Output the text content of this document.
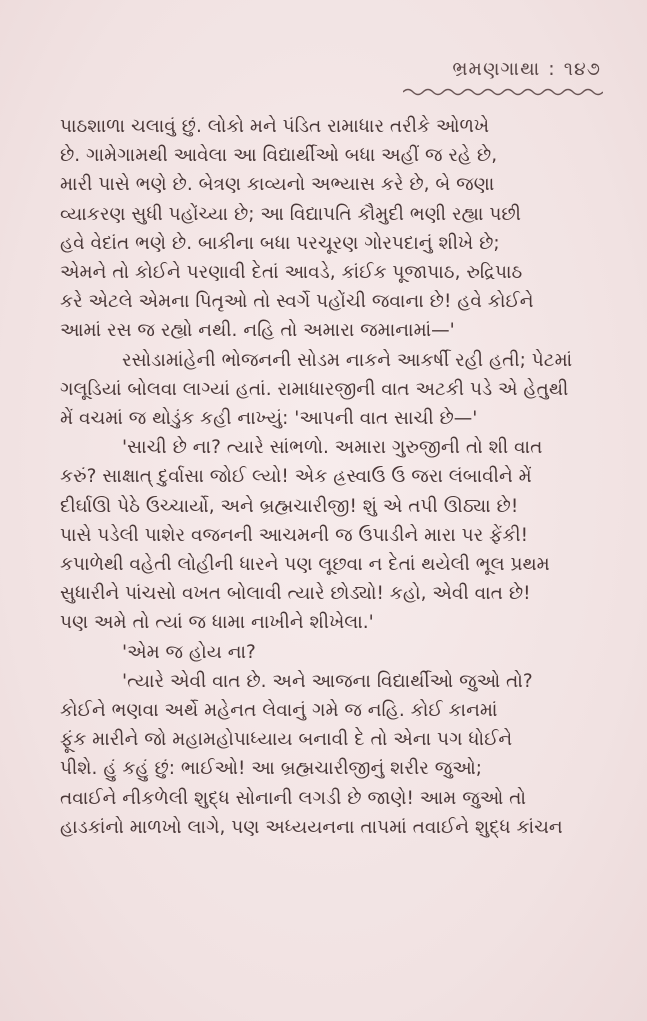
ભ્રમણગાથા : ૧૪૭
પાઠશાળા ચલાવું છું. લોકો મને પંડિત રામાધાર તરીકે ઓળખે
છે. ગામેગામથી આવેલા આ વિદ્યાર્થીઓ બધા અહીં જ રહે છે,
મારી પાસે ભણે છે. બેત્રણ કાવ્યનો અભ્યાસ કરે છે, બે જણા
વ્યાકરણ સુધી પહોંચ્યા છે; આ વિદ્યાપતિ કૌમુદી ભણી રહ્યા પછી
હવે વેદાંત ભણે છે. બાકીના બધા પરચૂરણ ગોરપદાનું શીખે છે;
એમને તો કોઈને પરણાવી દેતાં આવડે, કાંઈક પૂજાપાઠ, રુદ્રિપાઠ
કરે એટલે એમના પિતૃઓ તો સ્વર્ગે પહોંચી જવાના છે! હવે કોઈને
આમાં રસ જ રહ્યો નથી. નહિ તો અમારા જમાનામાં—'
રસોડામાંહેની ભોજનની સોડમ નાકને આકર્ષી રહી હતી; પેટમાં
ગલૂડિયાં બોલવા લાગ્યાં હતાં. રામાધારજીની વાત અટકી પડે એ હેતુથી
મેં વચમાં જ થોડુંક કહી નાખ્યું: 'આપની વાત સાચી છે—'
'સાચી છે ના? ત્યારે સાંભળો. અમારા ગુરુજીની તો શી વાત
કરું? સાક્ષાત્ દુર્વાસા જોઈ લ્યો! એક હ્રસ્વાઉ ઉ જરા લંબાવીને મેં
દીર્ઘાઊ પેઠે ઉચ્ચાર્યો, અને બ્રહ્મચારીજી! શું એ તપી ઊઠ્યા છે!
પાસે પડેલી પાશેર વજનની આચમની જ ઉપાડીને મારા પર ફેંકી!
કપાળેથી વહેતી લોહીની ધારને પણ લૂછવા ન દેતાં થયેલી ભૂલ પ્રથમ
સુધારીને પાંચસો વખત બોલાવી ત્યારે છોડ્યો! કહો, એવી વાત છે!
પણ અમે તો ત્યાં જ ધામા નાખીને શીખેલા.'
'એમ જ હોય ના?
'ત્યારે એવી વાત છે. અને આજના વિદ્યાર્થીઓ જુઓ તો?
કોઈને ભણવા અર્થે મહેનત લેવાનું ગમે જ નહિ. કોઈ કાનમાં
ફૂંક મારીને જો મહામહોપાધ્યાય બનાવી દે તો એના પગ ધોઈને
પીશે. હું કહું છું: ભાઈઓ! આ બ્રહ્મચારીજીનું શરીર જુઓ;
તવાઈને નીકળેલી શુદ્ધ સોનાની લગડી છે જાણે! આમ જુઓ તો
હાડકાંનો માળખો લાગે, પણ અધ્યયનના તાપમાં તવાઈને શુદ્ધ કાંચન
